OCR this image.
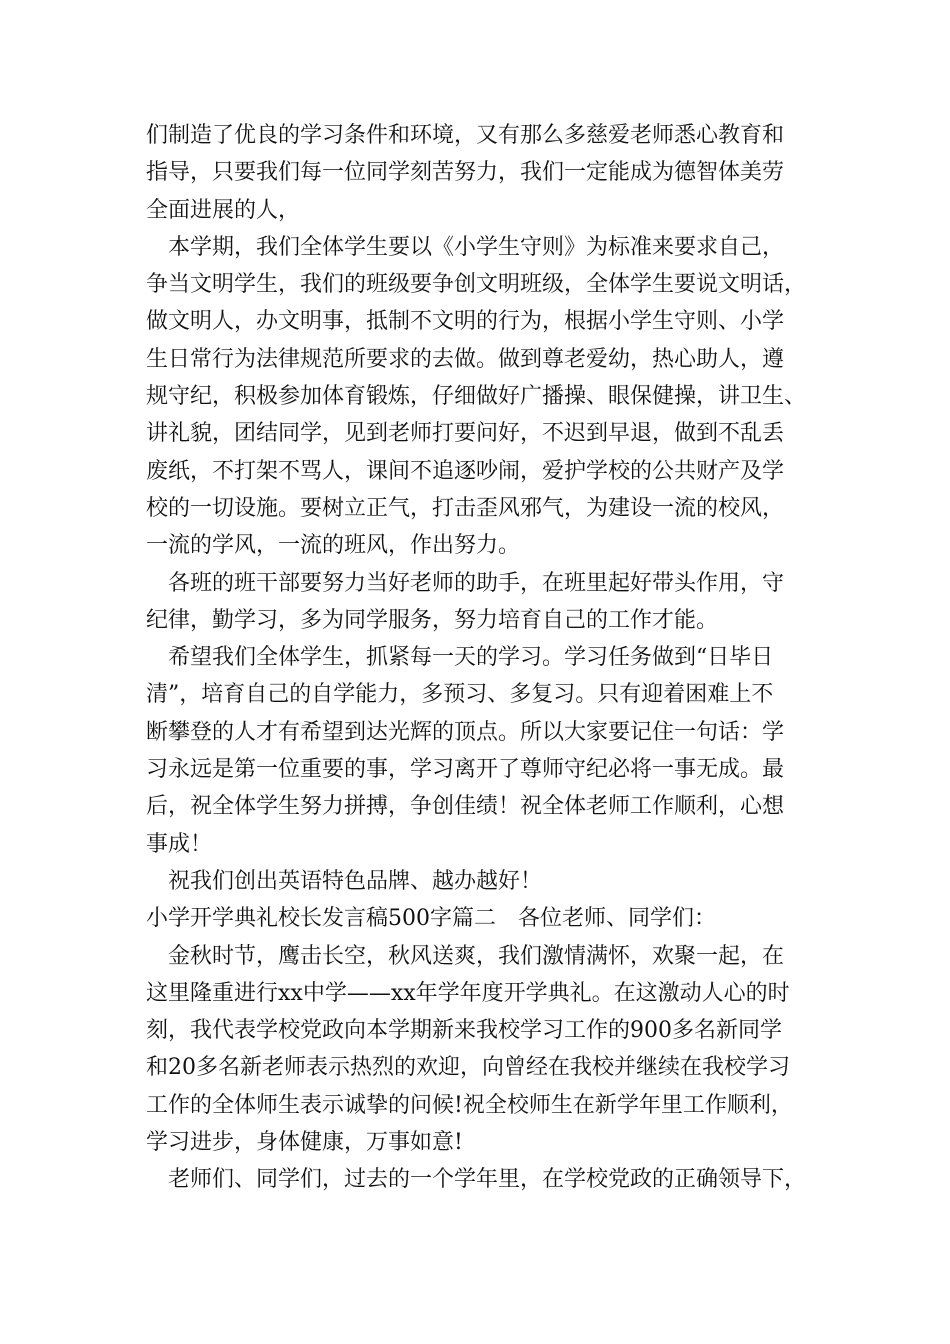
们制造了优良的学习条件和环境，又有那么多慈爱老师悉心教育和
指导，只要我们每一位同学刻苦努力，我们一定能成为德智体美劳
全面进展的人，
本学期，我们全体学生要以《小学生守则》为标准来要求自己，
争当文明学生，我们的班级要争创文明班级，全体学生要说文明话，
做文明人，办文明事，抵制不文明的行为，根据小学生守则、小学
生日常行为法律规范所要求的去做。做到尊老爱幼，热心助人，遵
规守纪，积极参加体育锻炼，仔细做好广播操、眼保健操，讲卫生、
讲礼貌，团结同学，见到老师打要问好，不迟到早退，做到不乱丢
废纸，不打架不骂人，课间不追逐吵闹，爱护学校的公共财产及学
校的一切设施。要树立正气，打击歪风邪气，为建设一流的校风，
一流的学风，一流的班风，作出努力。
各班的班干部要努力当好老师的助手，在班里起好带头作用，守
纪律，勤学习，多为同学服务，努力培育自己的工作才能。
希望我们全体学生，抓紧每一天的学习。学习任务做到“日毕日
清”，培育自己的自学能力，多预习、多复习。只有迎着困难上不
断攀登的人才有希望到达光辉的顶点。所以大家要记住一句话：学
习永远是第一位重要的事，学习离开了尊师守纪必将一事无成。最
后，祝全体学生努力拼搏，争创佳绩！祝全体老师工作顺利，心想
事成！
祝我们创出英语特色品牌、越办越好！
小学开学典礼校长发言稿500字篇二　各位老师、同学们：
金秋时节，鹰击长空，秋风送爽，我们激情满怀，欢聚一起，在
这里隆重进行xx中学——xx年学年度开学典礼。在这激动人心的时
刻，我代表学校党政向本学期新来我校学习工作的900多名新同学
和20多名新老师表示热烈的欢迎，向曾经在我校并继续在我校学习
工作的全体师生表示诚挚的问候!祝全校师生在新学年里工作顺利，
学习进步，身体健康，万事如意!
老师们、同学们，过去的一个学年里，在学校党政的正确领导下，
